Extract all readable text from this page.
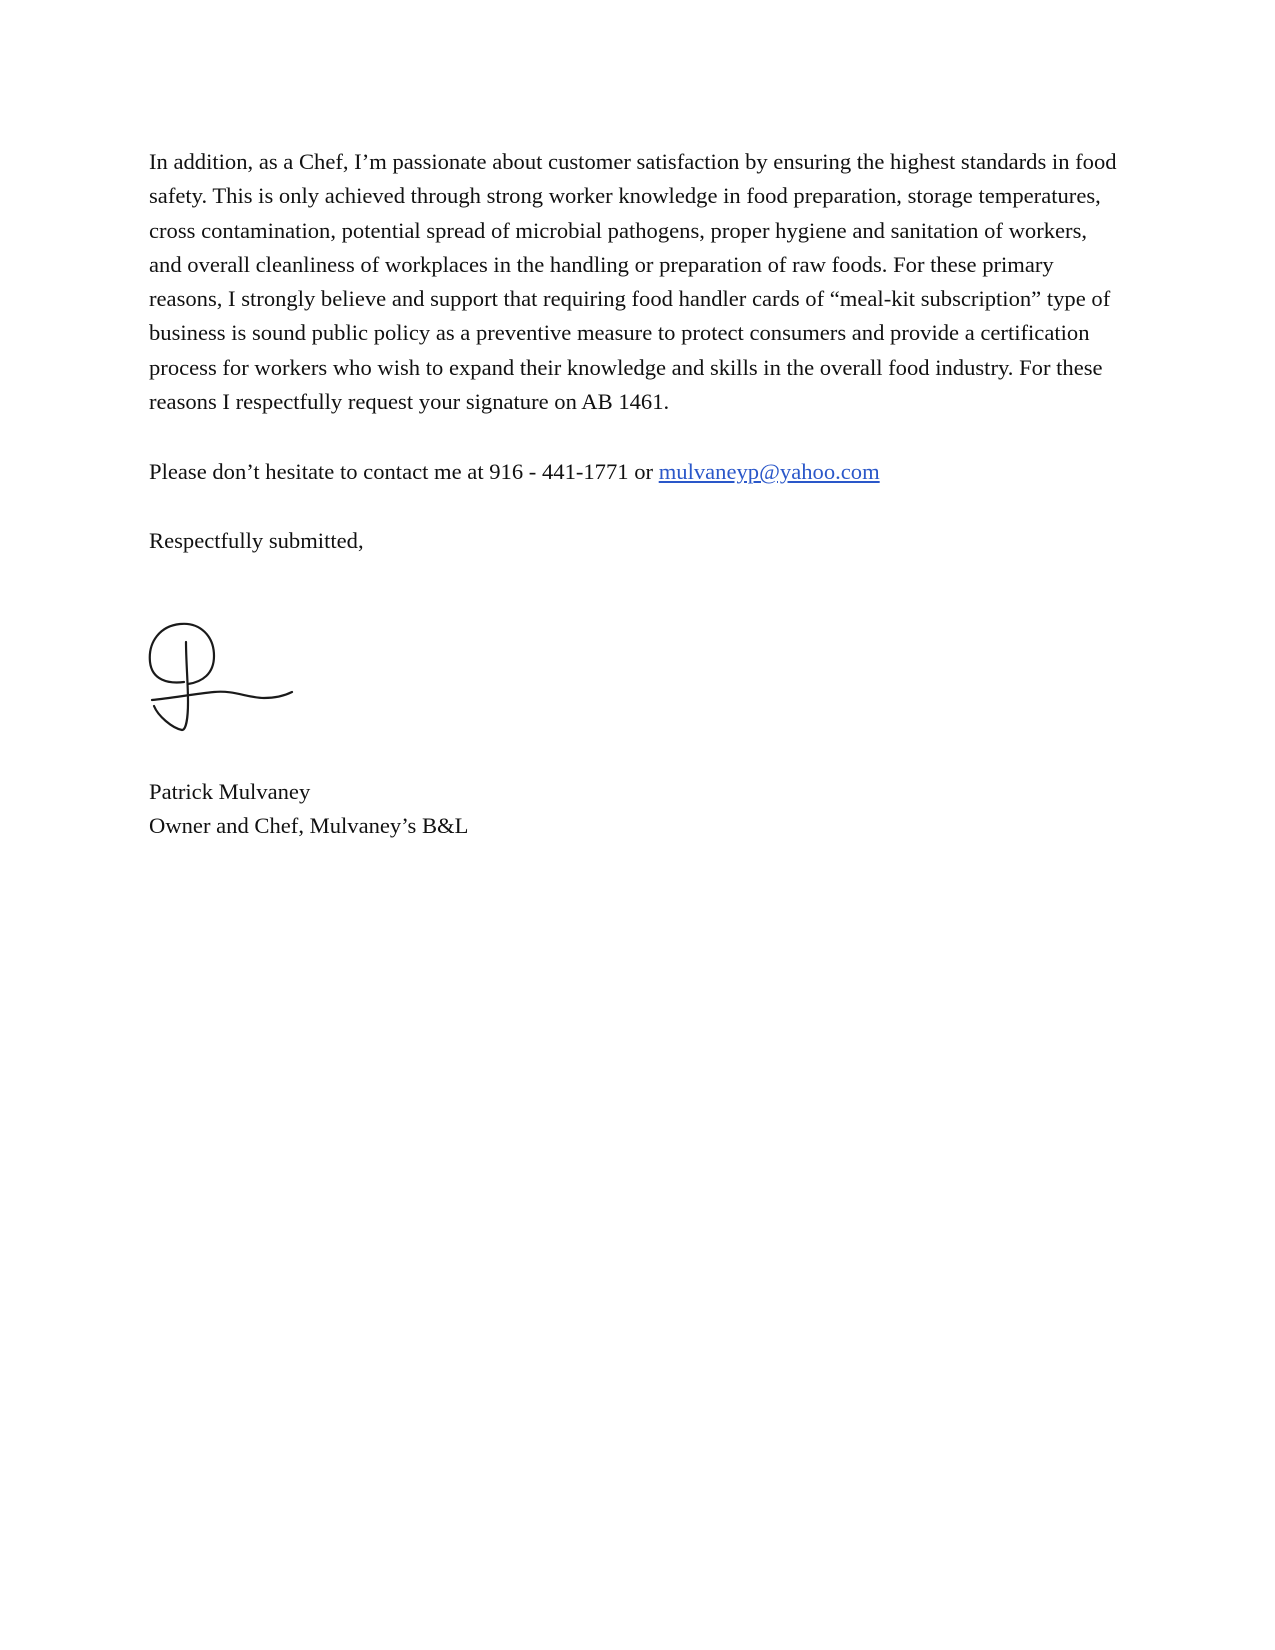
In addition, as a Chef, I’m passionate about customer satisfaction by ensuring the highest standards in food
safety. This is only achieved through strong worker knowledge in food preparation, storage temperatures,
cross contamination, potential spread of microbial pathogens, proper hygiene and sanitation of workers,
and overall cleanliness of workplaces in the handling or preparation of raw foods. For these primary
reasons, I strongly believe and support that requiring food handler cards of “meal-kit subscription” type of
business is sound public policy as a preventive measure to protect consumers and provide a certification
process for workers who wish to expand their knowledge and skills in the overall food industry. For these
reasons I respectfully request your signature on AB 1461.
Please don’t hesitate to contact me at 916 - 441-1771 or mulvaneyp@yahoo.com
Respectfully submitted,
Patrick Mulvaney
Owner and Chef, Mulvaney’s B&L
